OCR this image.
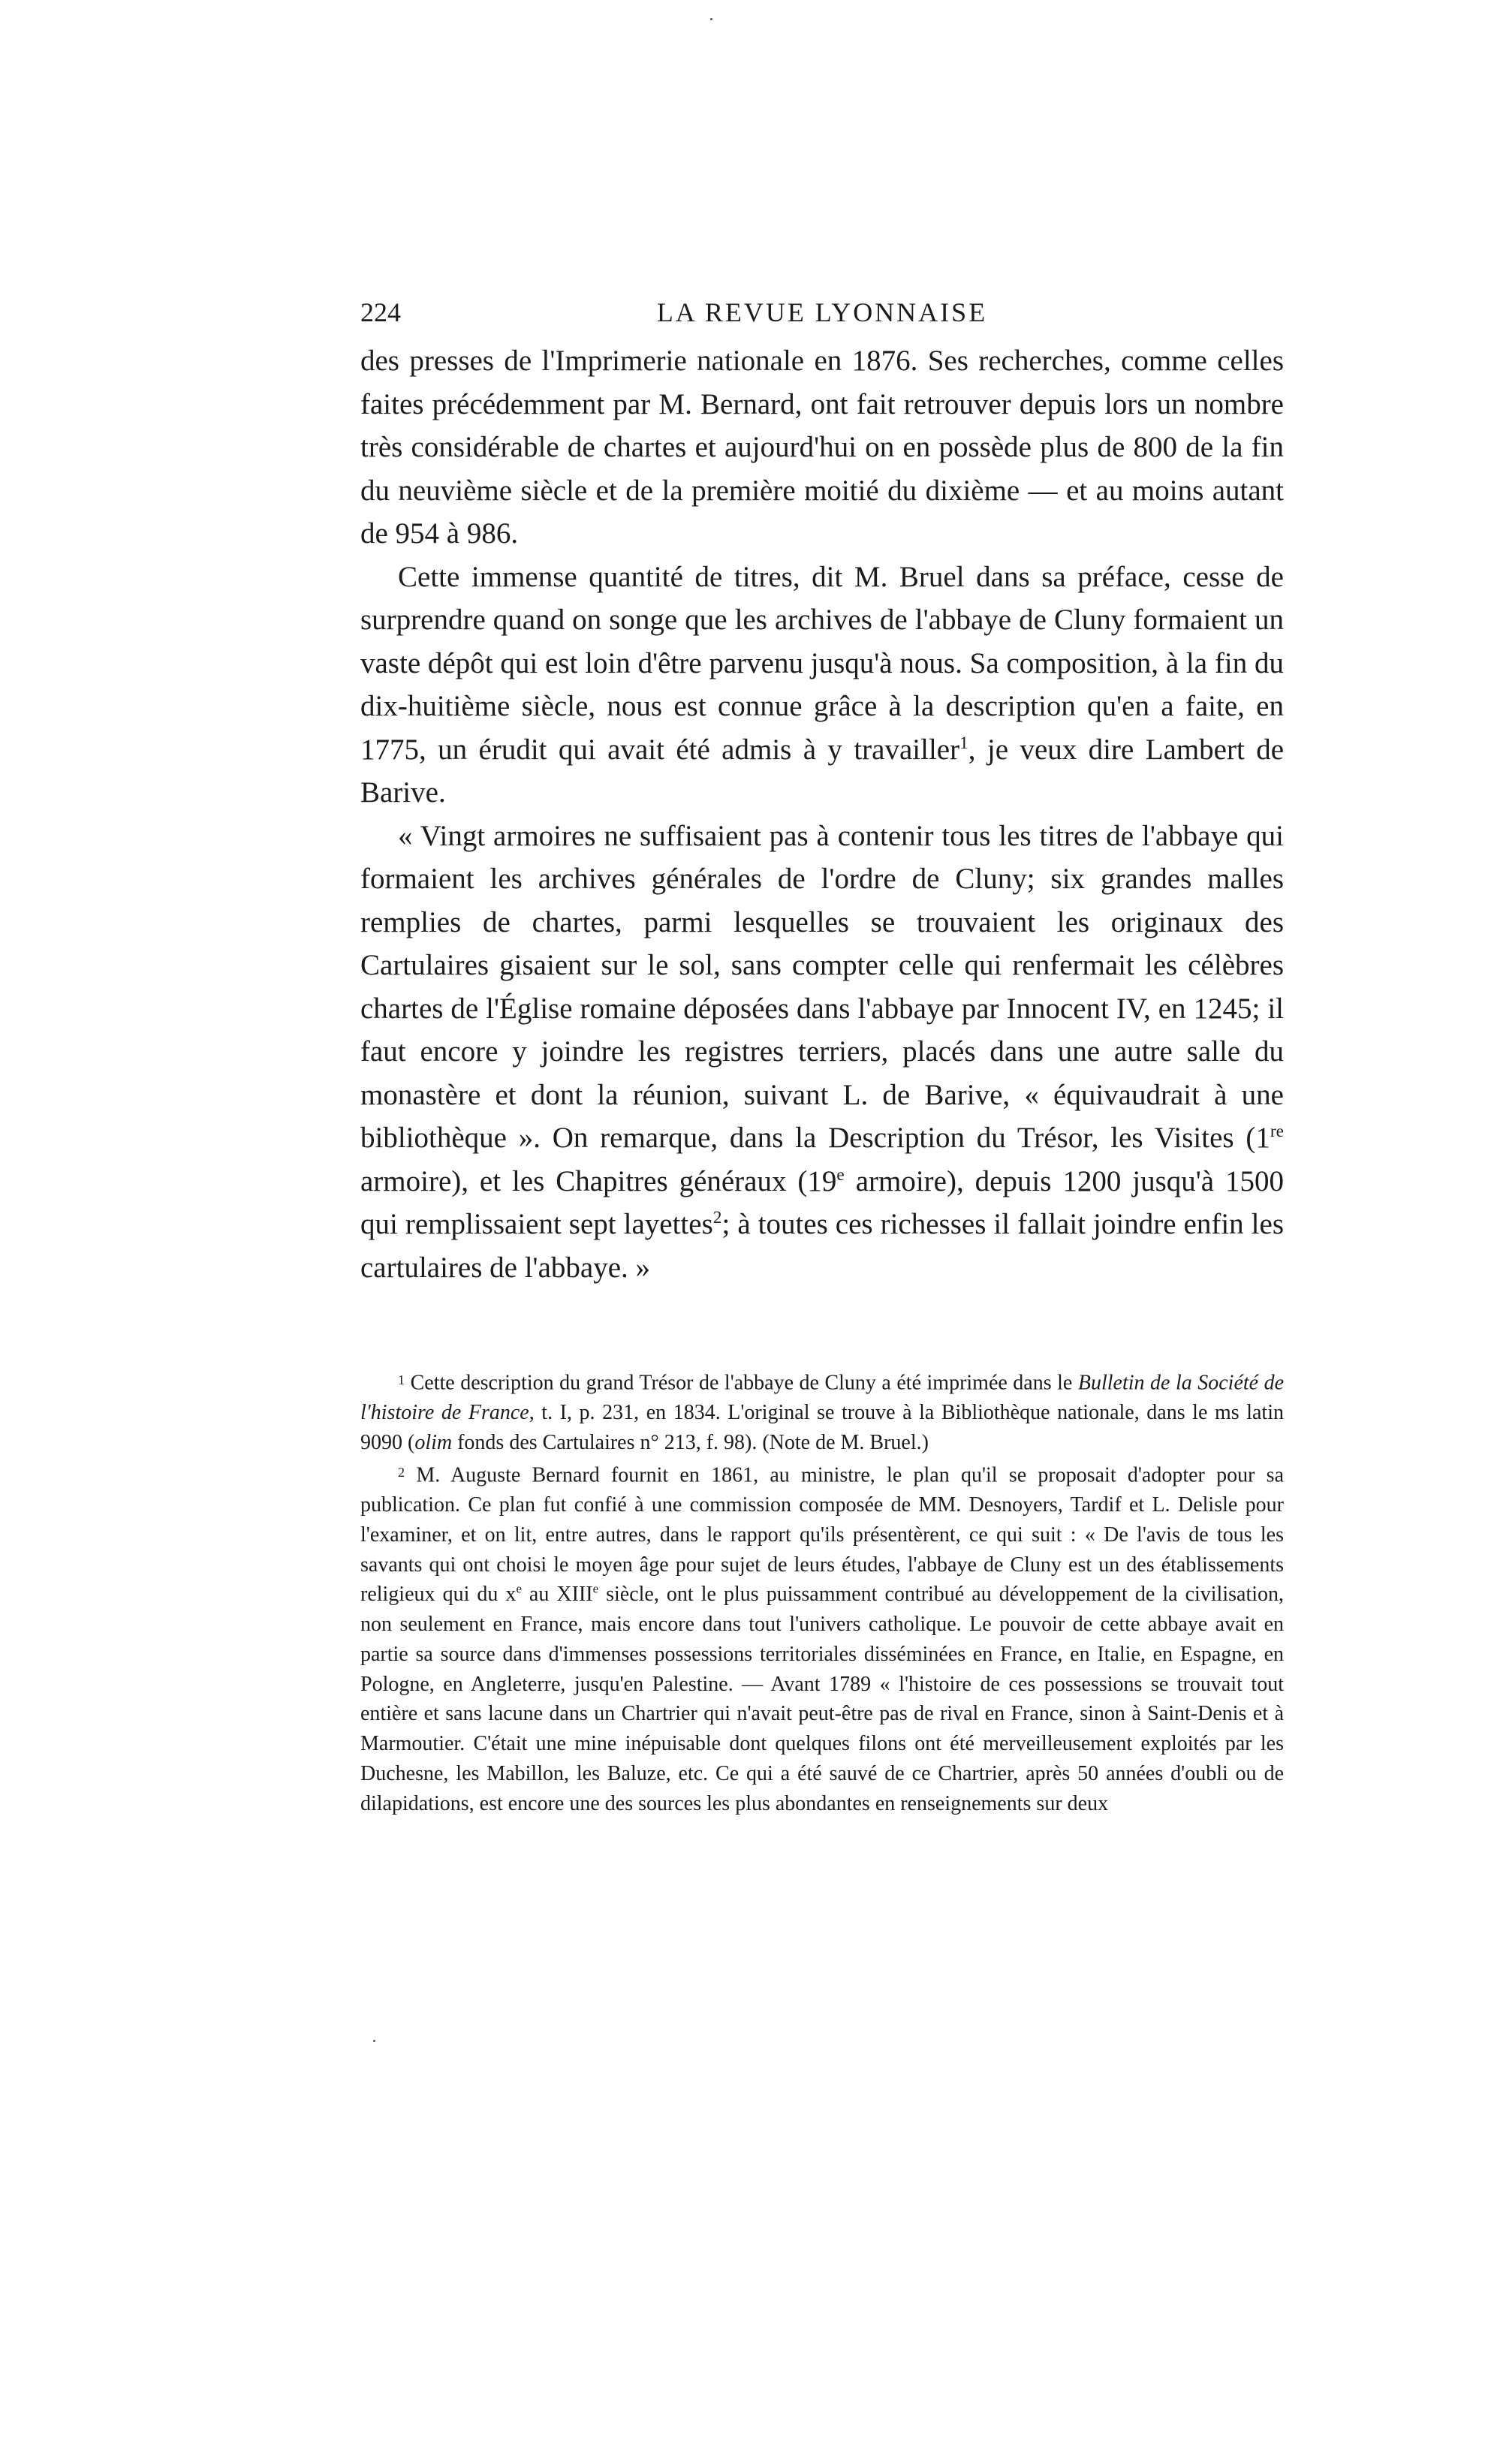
224	LA REVUE LYONNAISE

des presses de l'Imprimerie nationale en 1876. Ses recherches, comme celles faites précédemment par M. Bernard, ont fait retrouver depuis lors un nombre très considérable de chartes et aujourd'hui on en possède plus de 800 de la fin du neuvième siècle et de la première moitié du dixième — et au moins autant de 954 à 986.

Cette immense quantité de titres, dit M. Bruel dans sa préface, cesse de surprendre quand on songe que les archives de l'abbaye de Cluny formaient un vaste dépôt qui est loin d'être parvenu jusqu'à nous. Sa composition, à la fin du dix-huitième siècle, nous est connue grâce à la description qu'en a faite, en 1775, un érudit qui avait été admis à y travailler$^1$, je veux dire Lambert de Barive.

« Vingt armoires ne suffisaient pas à contenir tous les titres de l'abbaye qui formaient les archives générales de l'ordre de Cluny; six grandes malles remplies de chartes, parmi lesquelles se trouvaient les originaux des Cartulaires gisaient sur le sol, sans compter celle qui renfermait les célèbres chartes de l'Église romaine déposées dans l'abbaye par Innocent IV, en 1245; il faut encore y joindre les registres terriers, placés dans une autre salle du monastère et dont la réunion, suivant L. de Barive, « équivaudrait à une bibliothèque ». On remarque, dans la Description du Trésor, les Visites (1re armoire), et les Chapitres généraux (19e armoire), depuis 1200 jusqu'à 1500 qui remplissaient sept layettes$^2$; à toutes ces richesses il fallait joindre enfin les cartulaires de l'abbaye. »

$^1$ Cette description du grand Trésor de l'abbaye de Cluny a été imprimée dans le Bulletin de la Société de l'histoire de France, t. I, p. 231, en 1834. L'original se trouve à la Bibliothèque nationale, dans le ms latin 9090 (olim fonds des Cartulaires n° 213, f. 98). (Note de M. Bruel.)

$^2$ M. Auguste Bernard fournit en 1861, au ministre, le plan qu'il se proposait d'adopter pour sa publication. Ce plan fut confié à une commission composée de MM. Desnoyers, Tardif et L. Delisle pour l'examiner, et on lit, entre autres, dans le rapport qu'ils présentèrent, ce qui suit : « De l'avis de tous les savants qui ont choisi le moyen âge pour sujet de leurs études, l'abbaye de Cluny est un des établissements religieux qui du $x^e$ au XIIIe siècle, ont le plus puissamment contribué au développement de la civilisation, non seulement en France, mais encore dans tout l'univers catholique. Le pouvoir de cette abbaye avait en partie sa source dans d'immenses possessions territoriales disséminées en France, en Italie, en Espagne, en Pologne, en Angleterre, jusqu'en Palestine. — Avant 1789 « l'histoire de ces possessions se trouvait tout entière et sans lacune dans un Chartrier qui n'avait peut-être pas de rival en France, sinon à Saint-Denis et à Marmoutier. C'était une mine inépuisable dont quelques filons ont été merveilleusement exploités par les Duchesne, les Mabillon, les Baluze, etc. Ce qui a été sauvé de ce Chartrier, après 50 années d'oubli ou de dilapidations, est encore une des sources les plus abondantes en renseignements sur deux
